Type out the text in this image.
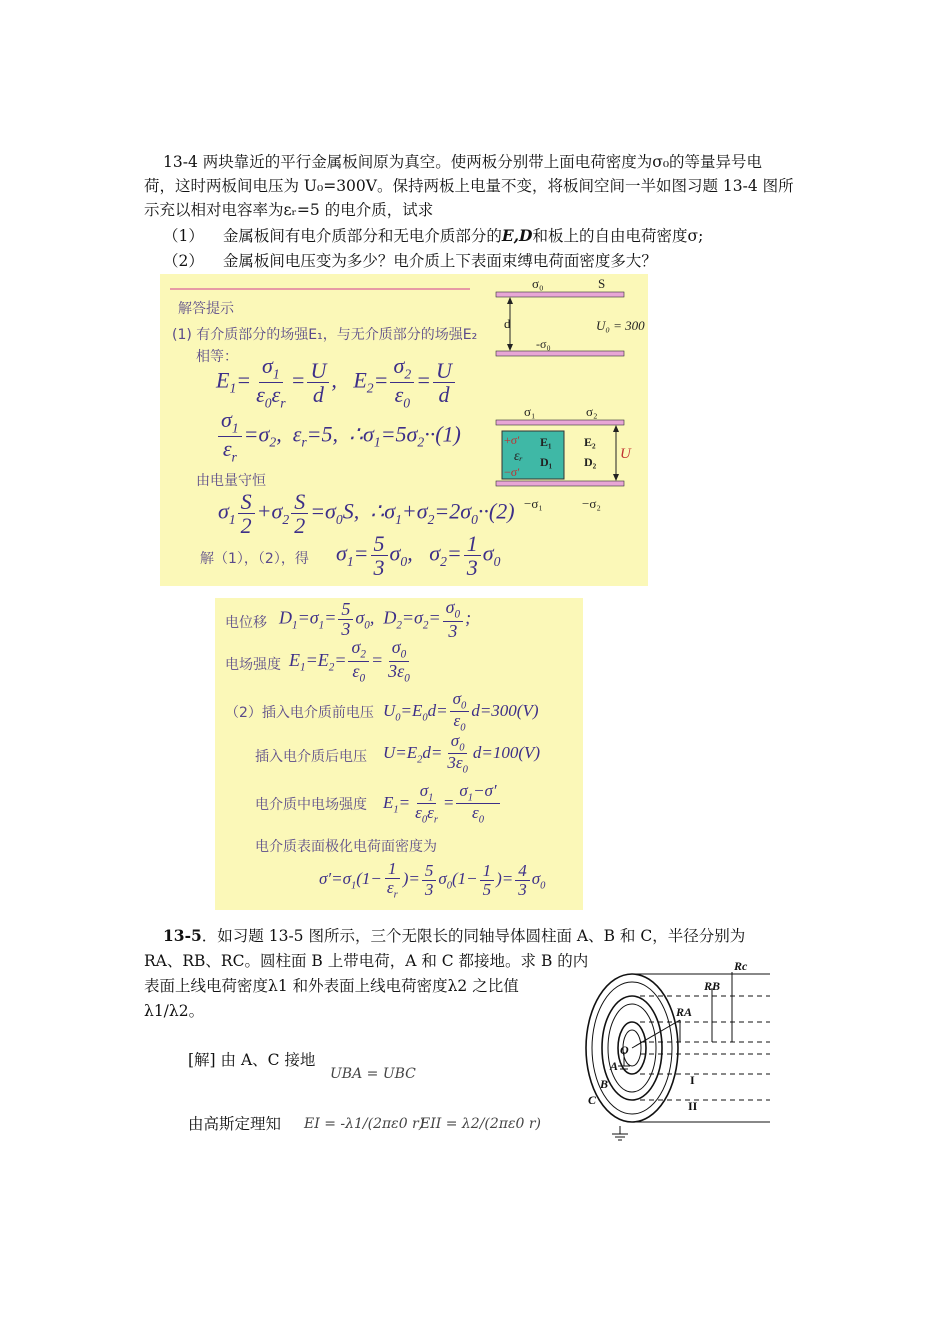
13-4 两块靠近的平行金属板间原为真空。使两板分别带上面电荷密度为σ₀的等量异号电
荷，这时两板间电压为 U₀=300V。保持两板上电量不变，将板间空间一半如图习题 13-4 图所
示充以相对电容率为εᵣ=5 的电介质，试求
（1） 金属板间有电介质部分和无电介质部分的E,D和板上的自由电荷密度σ;
（2） 金属板间电压变为多少？电介质上下表面束缚电荷面密度多大？
解答提示
(1) 有介质部分的场强E₁，与无介质部分的场强E₂
相等：
$E_1= \frac{\sigma_1}{\varepsilon_0\varepsilon_r} = \frac{U}{d}$ ,   $E_2= \frac{\sigma_2}{\varepsilon_0} = \frac{U}{d}$
$\frac{\sigma_1}{\varepsilon_r} =\sigma_2$,  $\varepsilon_r=5$,  $\therefore\sigma_1=5\sigma_2\cdot\cdot(1)$
由电量守恒
$\sigma_1 \frac{S}{2} +\sigma_2 \frac{S}{2} =\sigma_0S$,  $\therefore\sigma_1+\sigma_2=2\sigma_0\cdot\cdot(2)$
解（1），（2），得 $\sigma_1= \frac{5}{3} \sigma_0$,   $\sigma_2= \frac{1}{3} \sigma_0$
σ₀	S
d	U₀ = 300
-σ₀
σ₁	σ₂
+σ′
εᵣ
−σ′
E₁
D₁
E₂
D₂ U
−σ₁	−σ₂
电位移 $D_1=\sigma_1= \frac{5}{3} \sigma_0$,  $D_2=\sigma_2= \frac{\sigma_0}{3}$ ;
电场强度 $E_1=E_2= \frac{\sigma_2}{\varepsilon_0} = \frac{\sigma_0}{3\varepsilon_0}$
（2）插入电介质前电压 $U_0=E_0d= \frac{\sigma_0}{\varepsilon_0} d=300(V)$
插入电介质后电压 $U=E_2d= \frac{\sigma_0}{3\varepsilon_0} d=100(V)$
电介质中电场强度 $E_1= \frac{\sigma_1}{\varepsilon_0\varepsilon_r} = \frac{\sigma_1-\sigma'}{\varepsilon_0}$
电介质表面极化电荷面密度为
$\sigma'=\sigma_1(1- \frac{1}{\varepsilon_r}$ )= $\frac{5}{3} \sigma_0(1- \frac{1}{5}$ )= $\frac{4}{3} \sigma_0$
13-5．如习题 13-5 图所示，三个无限长的同轴导体圆柱面 A、B 和 C，半径分别为
RA、RB、RC。圆柱面 B 上带电荷，A 和 C 都接地。求 B 的内
表面上线电荷密度λ1 和外表面上线电荷密度λ2 之比值
λ1/λ2。
[解] 由 A、C 接地
UBA = UBC
由高斯定理知 EI = -λ1/(2πε0 r)
EII = λ2/(2πε0 r)
Rc
RB
RA
O
A
B
C
I
II
